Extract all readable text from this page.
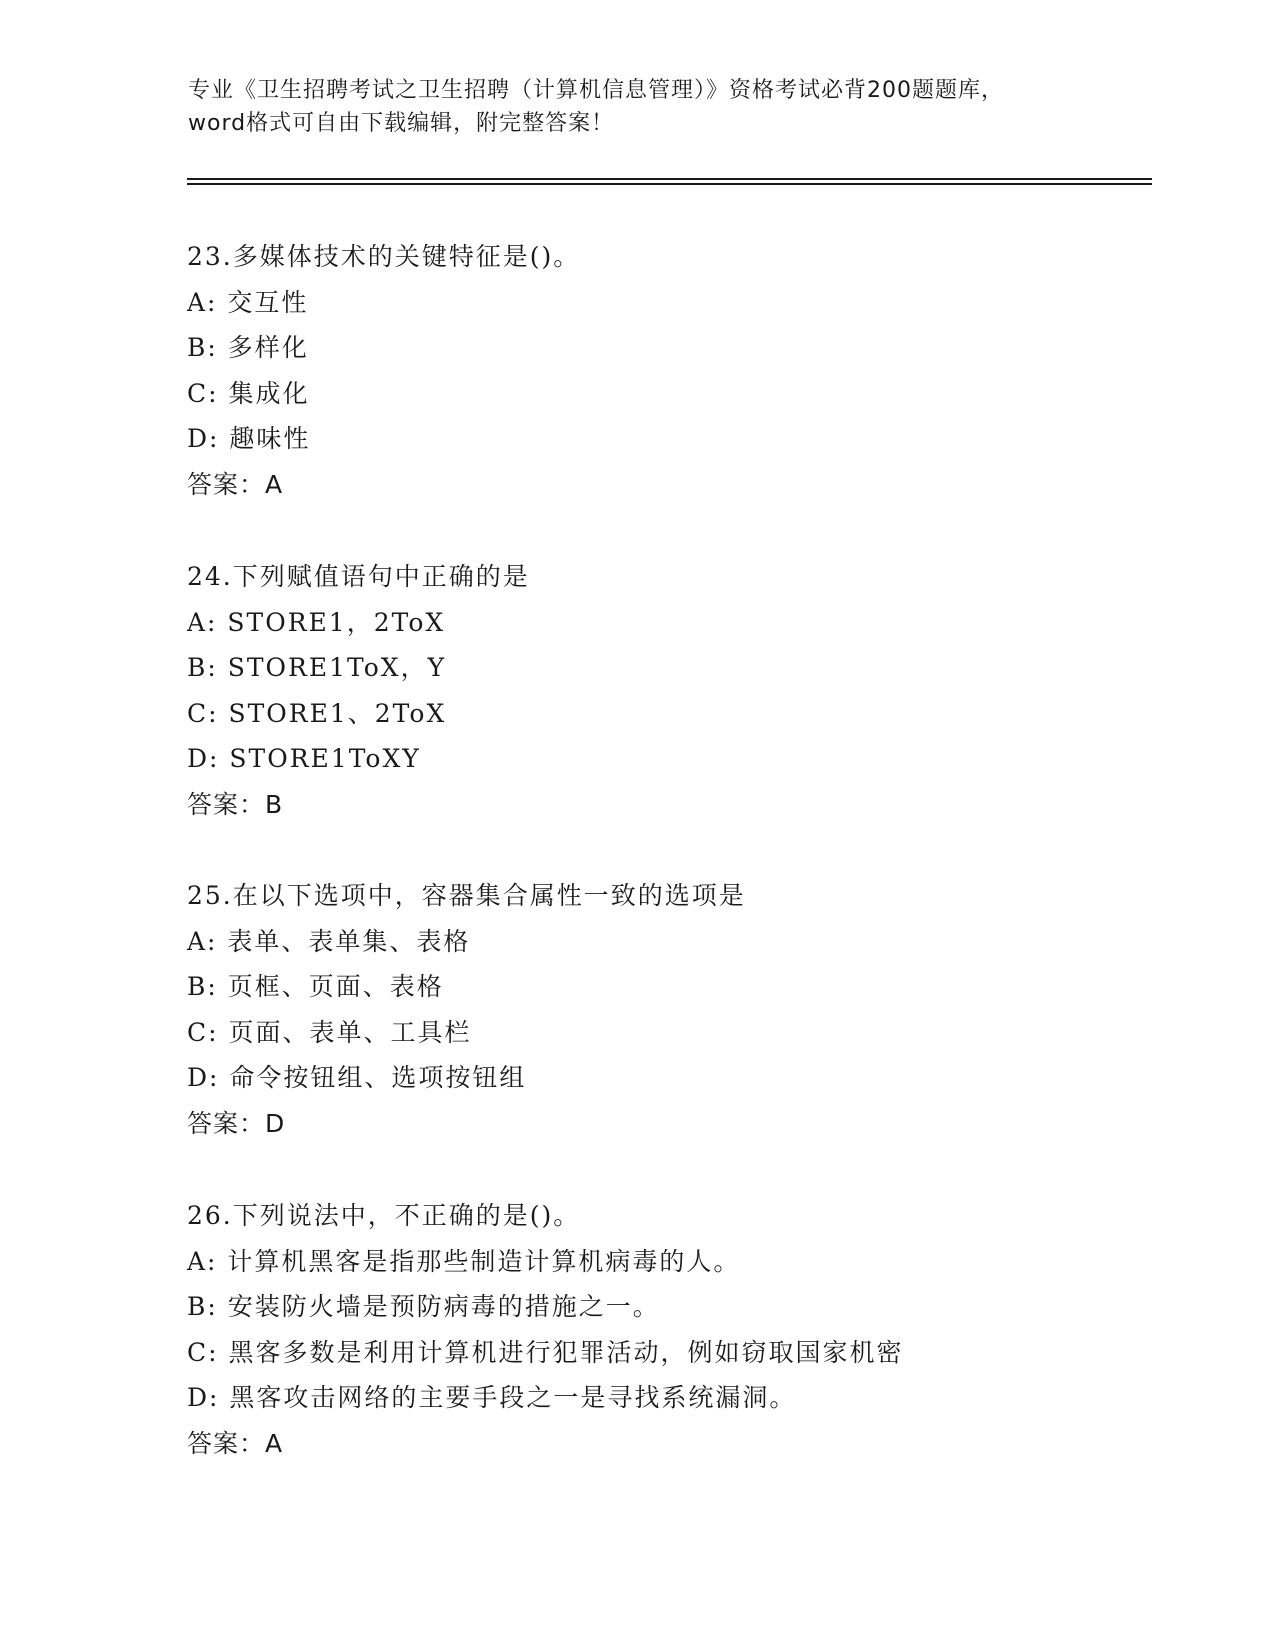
专业《卫生招聘考试之卫生招聘（计算机信息管理）》资格考试必背200题题库，
word格式可自由下载编辑，附完整答案！
23.多媒体技术的关键特征是()。
A: 交互性
B: 多样化
C: 集成化
D: 趣味性
答案：A
24.下列赋值语句中正确的是
A: STORE1，2ToX
B: STORE1ToX，Y
C: STORE1、2ToX
D: STORE1ToXY
答案：B
25.在以下选项中，容器集合属性一致的选项是
A: 表单、表单集、表格
B: 页框、页面、表格
C: 页面、表单、工具栏
D: 命令按钮组、选项按钮组
答案：D
26.下列说法中，不正确的是()。
A: 计算机黑客是指那些制造计算机病毒的人。
B: 安装防火墙是预防病毒的措施之一。
C: 黑客多数是利用计算机进行犯罪活动，例如窃取国家机密
D: 黑客攻击网络的主要手段之一是寻找系统漏洞。
答案：A
